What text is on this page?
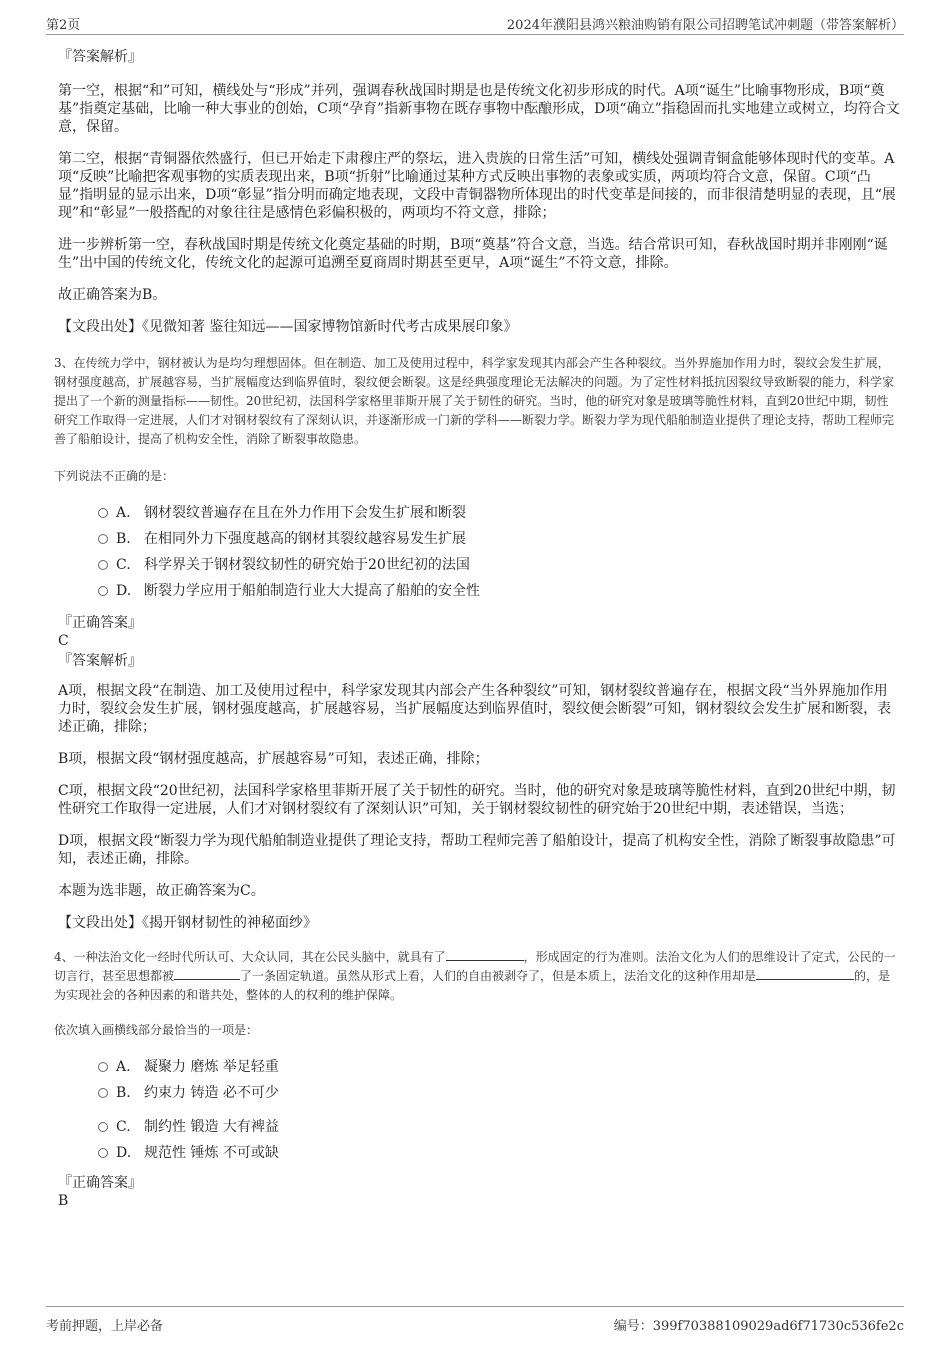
第2页	2024年濮阳县鸿兴粮油购销有限公司招聘笔试冲刺题（带答案解析）

『答案解析』

第一空，根据“和”可知，横线处与“形成”并列，强调春秋战国时期是也是传统文化初步形成的时代。A项“诞生”比喻事物形成，B项“奠基”指奠定基础，比喻一种大事业的创始，C项“孕育”指新事物在既存事物中酝酿形成，D项“确立”指稳固而扎实地建立或树立，均符合文意，保留。

第二空，根据“青铜器依然盛行，但已开始走下肃穆庄严的祭坛，进入贵族的日常生活”可知，横线处强调青铜盒能够体现时代的变革。A项“反映”比喻把客观事物的实质表现出来，B项“折射”比喻通过某种方式反映出事物的表象或实质，两项均符合文意，保留。C项“凸显”指明显的显示出来，D项“彰显”指分明而确定地表现，文段中青铜器物所体现出的时代变革是间接的，而非很清楚明显的表现，且“展现”和“彰显”一般搭配的对象往往是感情色彩偏积极的，两项均不符文意，排除；

进一步辨析第一空，春秋战国时期是传统文化奠定基础的时期，B项“奠基”符合文意，当选。结合常识可知，春秋战国时期并非刚刚“诞生”出中国的传统文化，传统文化的起源可追溯至夏商周时期甚至更早，A项“诞生”不符文意，排除。

故正确答案为B。

【文段出处】《见微知著 鉴往知远——国家博物馆新时代考古成果展印象》

3、在传统力学中，钢材被认为是均匀理想固体。但在制造、加工及使用过程中，科学家发现其内部会产生各种裂纹。当外界施加作用力时，裂纹会发生扩展，钢材强度越高，扩展越容易，当扩展幅度达到临界值时，裂纹便会断裂。这是经典强度理论无法解决的问题。为了定性材料抵抗因裂纹导致断裂的能力，科学家提出了一个新的测量指标——韧性。20世纪初，法国科学家格里菲斯开展了关于韧性的研究。当时，他的研究对象是玻璃等脆性材料，直到20世纪中期，韧性研究工作取得一定进展，人们才对钢材裂纹有了深刻认识，并逐渐形成一门新的学科——断裂力学。断裂力学为现代船舶制造业提供了理论支持，帮助工程师完善了船舶设计，提高了机构安全性，消除了断裂事故隐患。

下列说法不正确的是：

A. 钢材裂纹普遍存在且在外力作用下会发生扩展和断裂
B. 在相同外力下强度越高的钢材其裂纹越容易发生扩展
C. 科学界关于钢材裂纹韧性的研究始于20世纪初的法国
D. 断裂力学应用于船舶制造行业大大提高了船舶的安全性

『正确答案』

C

『答案解析』

A项，根据文段“在制造、加工及使用过程中，科学家发现其内部会产生各种裂纹”可知，钢材裂纹普遍存在，根据文段“当外界施加作用力时，裂纹会发生扩展，钢材强度越高，扩展越容易，当扩展幅度达到临界值时，裂纹便会断裂”可知，钢材裂纹会发生扩展和断裂，表述正确，排除；

B项，根据文段“钢材强度越高，扩展越容易”可知，表述正确，排除；

C项，根据文段“20世纪初，法国科学家格里菲斯开展了关于韧性的研究。当时，他的研究对象是玻璃等脆性材料，直到20世纪中期，韧性研究工作取得一定进展，人们才对钢材裂纹有了深刻认识”可知，关于钢材裂纹韧性的研究始于20世纪中期，表述错误，当选；

D项，根据文段“断裂力学为现代船舶制造业提供了理论支持，帮助工程师完善了船舶设计，提高了机构安全性，消除了断裂事故隐患”可知，表述正确，排除。

本题为选非题，故正确答案为C。

【文段出处】《揭开钢材韧性的神秘面纱》

4、一种法治文化一经时代所认可、大众认同，其在公民头脑中，就具有了	，形成固定的行为准则。法治文化为人们的思维设计了定式，公民的一切言行，甚至思想都被	了一条固定轨道。虽然从形式上看，人们的自由被剥夺了，但是本质上，法治文化的这种作用却是	的，是为实现社会的各种因素的和谐共处，整体的人的权利的维护保障。

依次填入画横线部分最恰当的一项是：

A. 凝聚力 磨炼 举足轻重
B. 约束力 铸造 必不可少
C. 制约性 锻造 大有裨益
D. 规范性 锤炼 不可或缺

『正确答案』

B

考前押题，上岸必备	编号：399f70388109029ad6f71730c536fe2c
